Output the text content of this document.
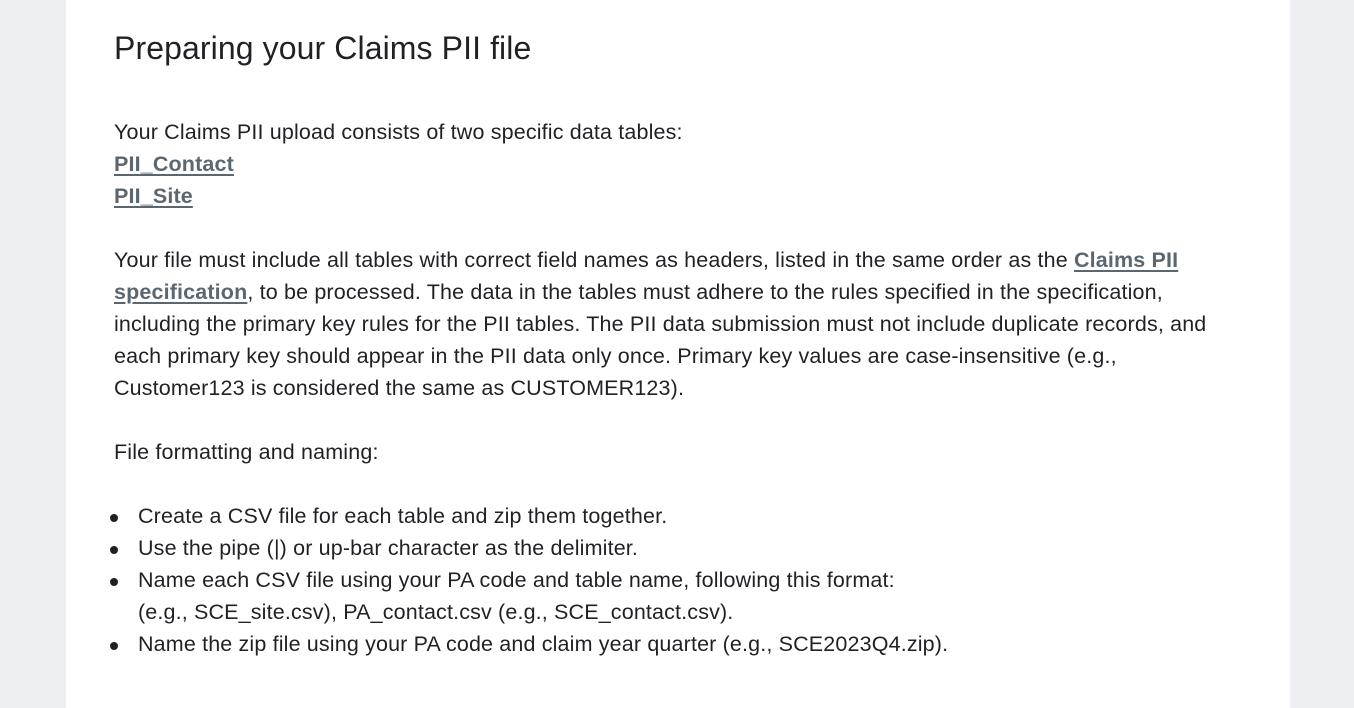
Preparing your Claims PII file
Your Claims PII upload consists of two specific data tables:
PII_Contact
PII_Site

Your file must include all tables with correct field names as headers, listed in the same order as the Claims PII specification, to be processed. The data in the tables must adhere to the rules specified in the specification, including the primary key rules for the PII tables. The PII data submission must not include duplicate records, and each primary key should appear in the PII data only once. Primary key values are case-insensitive (e.g., Customer123 is considered the same as CUSTOMER123).

File formatting and naming:

Create a CSV file for each table and zip them together.
Use the pipe (|) or up-bar character as the delimiter.
Name each CSV file using your PA code and table name, following this format:
(e.g., SCE_site.csv), PA_contact.csv (e.g., SCE_contact.csv).
Name the zip file using your PA code and claim year quarter (e.g., SCE2023Q4.zip).
